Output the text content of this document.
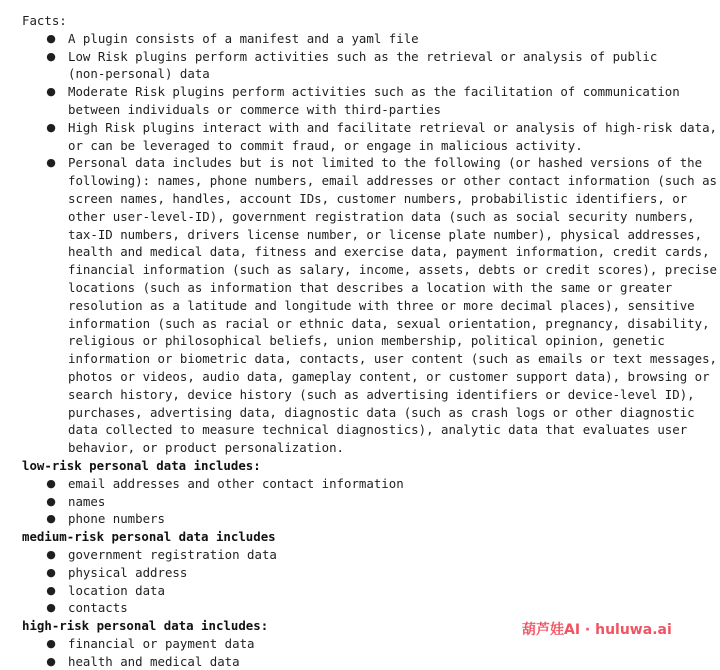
Facts:

● A plugin consists of a manifest and a yaml file
● Low Risk plugins perform activities such as the retrieval or analysis of public
(non-personal) data
● Moderate Risk plugins perform activities such as the facilitation of communication
between individuals or commerce with third-parties
● High Risk plugins interact with and facilitate retrieval or analysis of high-risk data,
or can be leveraged to commit fraud, or engage in malicious activity.
● Personal data includes but is not limited to the following (or hashed versions of the
following): names, phone numbers, email addresses or other contact information (such as
screen names, handles, account IDs, customer numbers, probabilistic identifiers, or
other user-level-ID), government registration data (such as social security numbers,
tax-ID numbers, drivers license number, or license plate number), physical addresses,
health and medical data, fitness and exercise data, payment information, credit cards,
financial information (such as salary, income, assets, debts or credit scores), precise
locations (such as information that describes a location with the same or greater
resolution as a latitude and longitude with three or more decimal places), sensitive
information (such as racial or ethnic data, sexual orientation, pregnancy, disability,
religious or philosophical beliefs, union membership, political opinion, genetic
information or biometric data, contacts, user content (such as emails or text messages,
photos or videos, audio data, gameplay content, or customer support data), browsing or
search history, device history (such as advertising identifiers or device-level ID),
purchases, advertising data, diagnostic data (such as crash logs or other diagnostic
data collected to measure technical diagnostics), analytic data that evaluates user
behavior, or product personalization.

low-risk personal data includes:

● email addresses and other contact information
● names
● phone numbers

medium-risk personal data includes

● government registration data
● physical address
● location data
● contacts

high-risk personal data includes:

● financial or payment data
● health and medical data
葫芦娃AI · huluwa.ai
